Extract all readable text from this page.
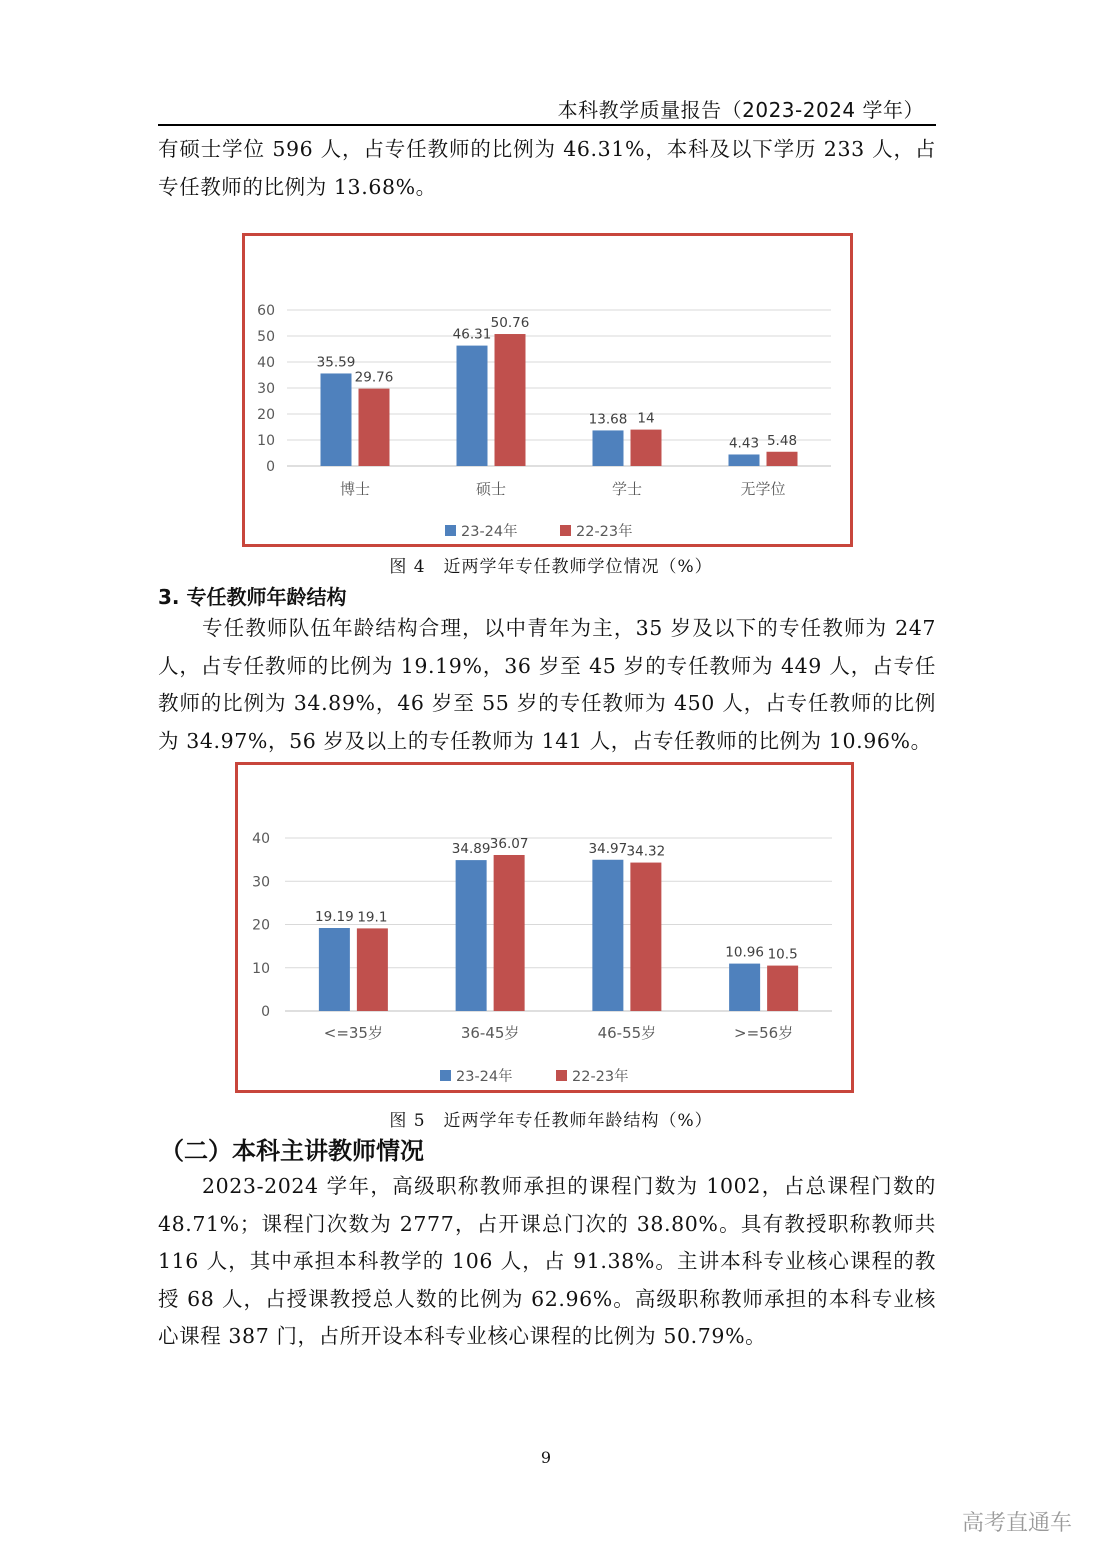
本科教学质量报告（2023-2024 学年）

有硕士学位 596 人，占专任教师的比例为 46.31%，本科及以下学历 233 人，占专任教师的比例为 13.68%。

0
10
20
30
40
50
60
35.59
29.76
博士
46.31
50.76
硕士
13.68 14
学士
4.43 5.48
无学位
23-24年	22-23年
图 4　近两学年专任教师学位情况（%）
3. 专任教师年龄结构

专任教师队伍年龄结构合理，以中青年为主，35 岁及以下的专任教师为 247 人，占专任教师的比例为 19.19%，36 岁至 45 岁的专任教师为 449 人，占专任教师的比例为 34.89%，46 岁至 55 岁的专任教师为 450 人，占专任教师的比例为 34.97%，56 岁及以上的专任教师为 141 人，占专任教师的比例为 10.96%。

0
10
20
30
40
19.19 19.1
<=35岁
34.89 36.07
36-45岁
34.97 34.32
46-55岁
10.96 10.5
>=56岁
23-24年	22-23年
图 5　近两学年专任教师年龄结构（%）
（二）本科主讲教师情况

2023-2024 学年，高级职称教师承担的课程门数为 1002，占总课程门数的 48.71%；课程门次数为 2777，占开课总门次的 38.80%。具有教授职称教师共 116 人，其中承担本科教学的 106 人，占 91.38%。主讲本科专业核心课程的教授 68 人，占授课教授总人数的比例为 62.96%。高级职称教师承担的本科专业核心课程 387 门，占所开设本科专业核心课程的比例为 50.79%。

9
高考直通车
